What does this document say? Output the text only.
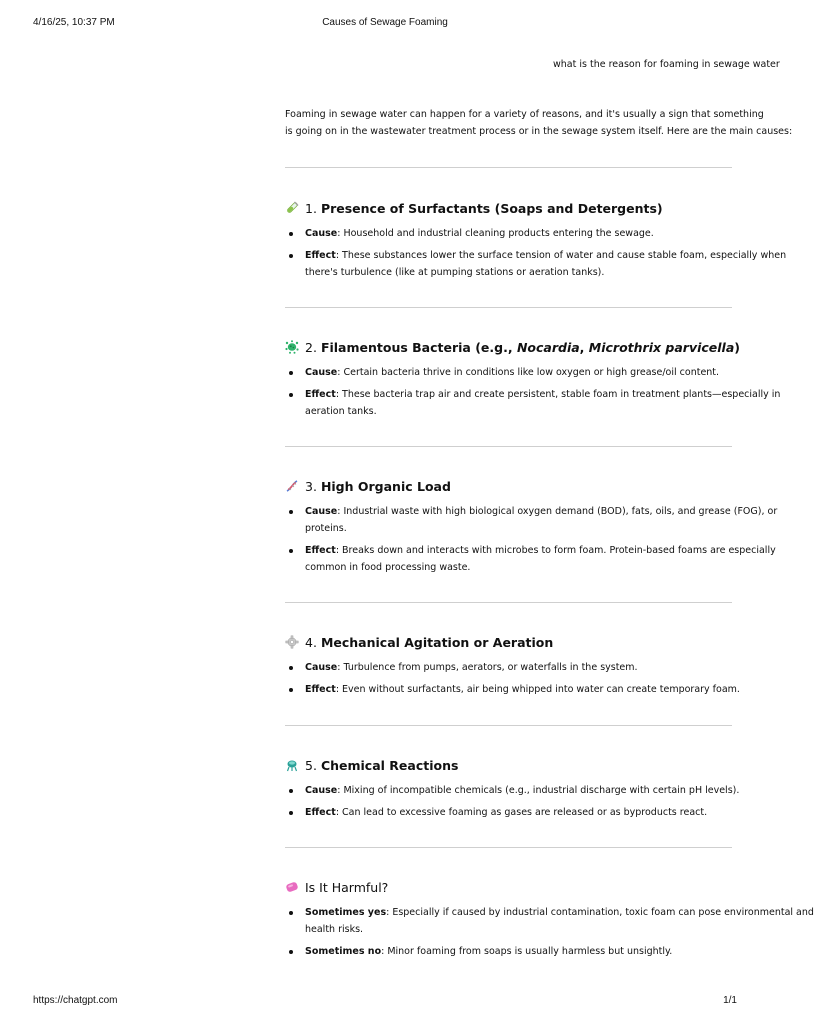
4/16/25, 10:37 PM	Causes of Sewage Foaming
what is the reason for foaming in sewage water
Foaming in sewage water can happen for a variety of reasons, and it's usually a sign that something
is going on in the wastewater treatment process or in the sewage system itself. Here are the main causes:
1. Presence of Surfactants (Soaps and Detergents)
Cause: Household and industrial cleaning products entering the sewage.
Effect: These substances lower the surface tension of water and cause stable foam, especially when
there's turbulence (like at pumping stations or aeration tanks).
2. Filamentous Bacteria (e.g., Nocardia, Microthrix parvicella)
Cause: Certain bacteria thrive in conditions like low oxygen or high grease/oil content.
Effect: These bacteria trap air and create persistent, stable foam in treatment plants—especially in
aeration tanks.
3. High Organic Load
Cause: Industrial waste with high biological oxygen demand (BOD), fats, oils, and grease (FOG), or
proteins.
Effect: Breaks down and interacts with microbes to form foam. Protein-based foams are especially
common in food processing waste.
4. Mechanical Agitation or Aeration
Cause: Turbulence from pumps, aerators, or waterfalls in the system.
Effect: Even without surfactants, air being whipped into water can create temporary foam.
5. Chemical Reactions
Cause: Mixing of incompatible chemicals (e.g., industrial discharge with certain pH levels).
Effect: Can lead to excessive foaming as gases are released or as byproducts react.
Is It Harmful?
Sometimes yes: Especially if caused by industrial contamination, toxic foam can pose environmental and
health risks.
Sometimes no: Minor foaming from soaps is usually harmless but unsightly.
https://chatgpt.com	1/1
